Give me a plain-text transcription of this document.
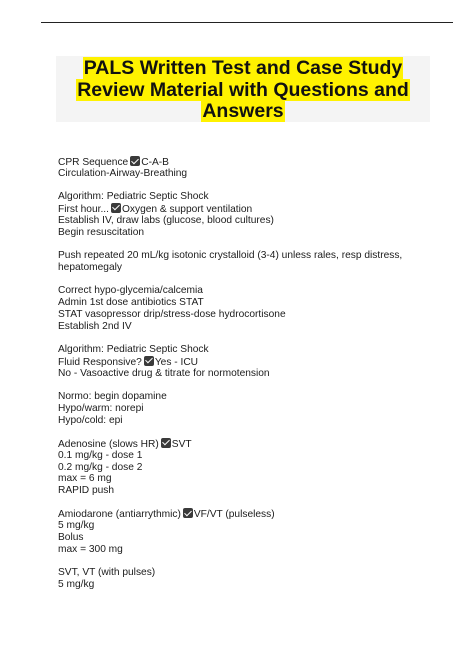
PALS Written Test and Case Study Review Material with Questions and Answers
CPR Sequence C-A-B
Circulation-Airway-Breathing
Algorithm: Pediatric Septic Shock
First hour... Oxygen & support ventilation
Establish IV, draw labs (glucose, blood cultures)
Begin resuscitation
Push repeated 20 mL/kg isotonic crystalloid (3-4) unless rales, resp distress, hepatomegaly
Correct hypo-glycemia/calcemia
Admin 1st dose antibiotics STAT
STAT vasopressor drip/stress-dose hydrocortisone
Establish 2nd IV
Algorithm: Pediatric Septic Shock
Fluid Responsive? Yes - ICU
No - Vasoactive drug & titrate for normotension
Normo: begin dopamine
Hypo/warm: norepi
Hypo/cold: epi
Adenosine (slows HR) SVT
0.1 mg/kg - dose 1
0.2 mg/kg - dose 2
max = 6 mg
RAPID push
Amiodarone (antiarrythmic) VF/VT (pulseless)
5 mg/kg
Bolus
max = 300 mg
SVT, VT (with pulses)
5 mg/kg
